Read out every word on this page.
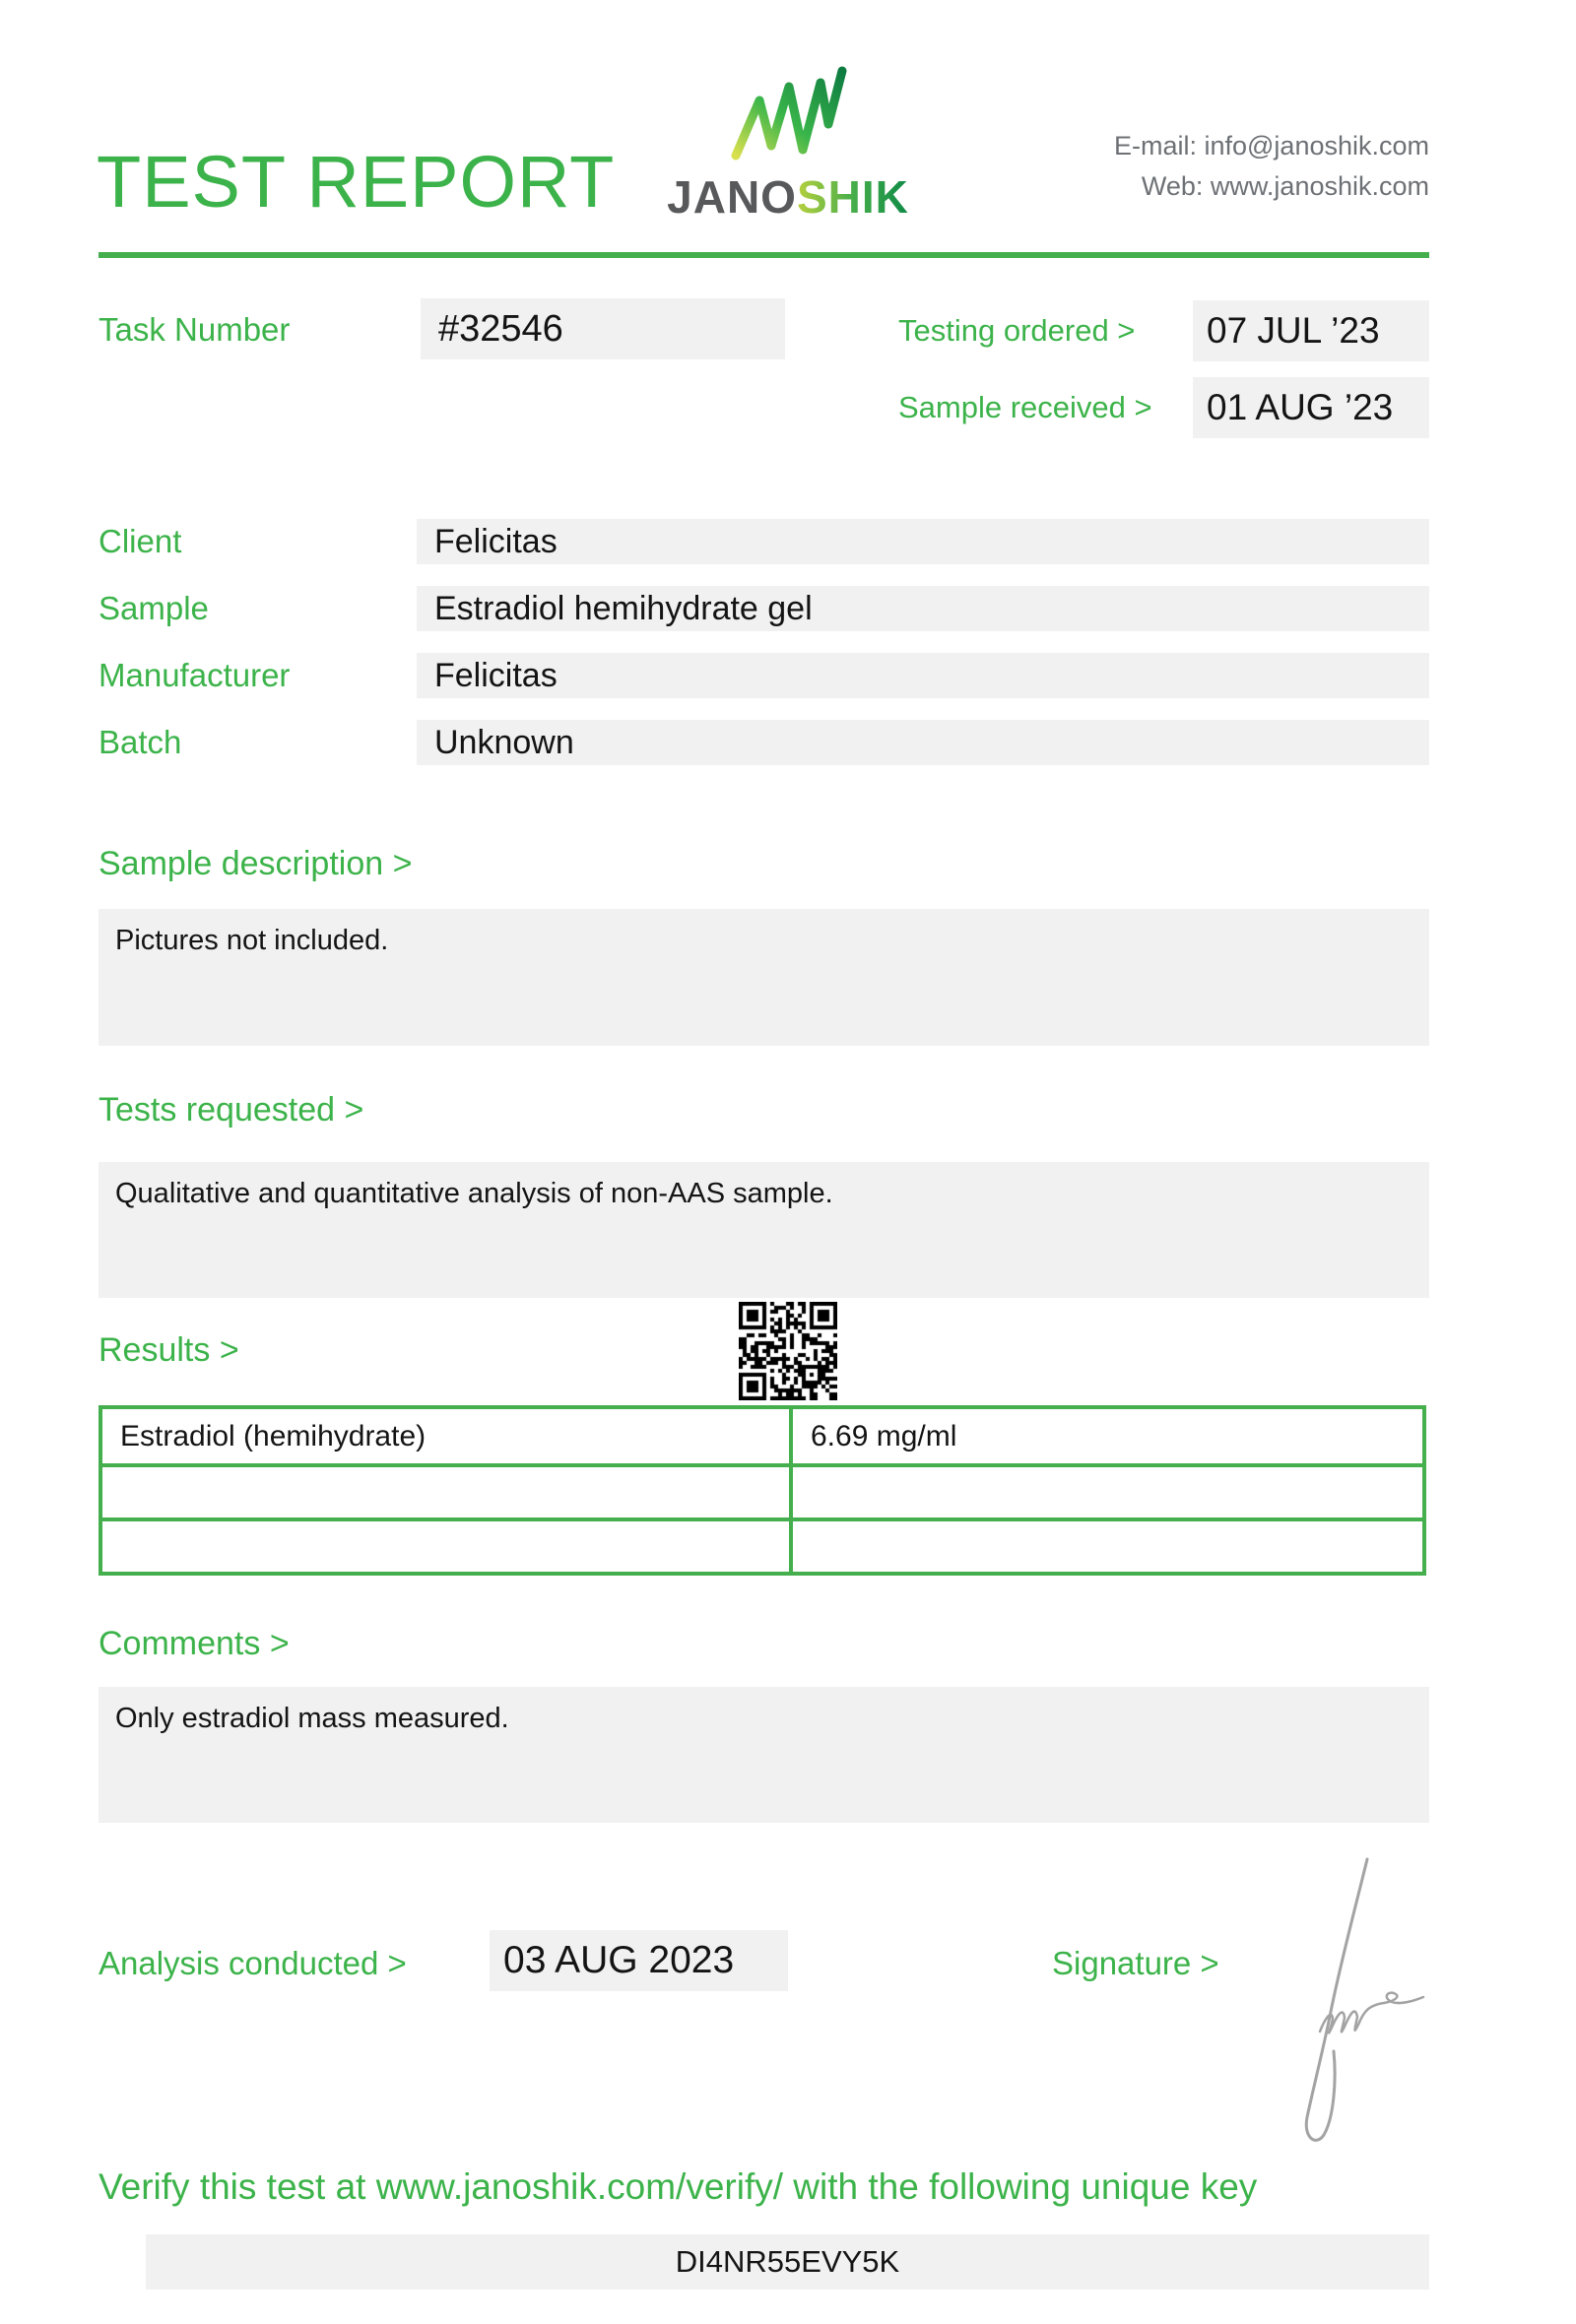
TEST REPORT	JANOSHIK
E-mail: info@janoshik.com
Web: www.janoshik.com
Task Number	#32546	Testing ordered >	07 JUL ’23
Sample received >	01 AUG ’23
Client	Felicitas
Sample	Estradiol hemihydrate gel
Manufacturer	Felicitas
Batch	Unknown
Sample description >
Pictures not included.
Tests requested >
Qualitative and quantitative analysis of non-AAS sample.
Results >
Estradiol (hemihydrate)	6.69 mg/ml
Comments >
Only estradiol mass measured.
Analysis conducted >	03 AUG 2023	Signature >
Verify this test at www.janoshik.com/verify/ with the following unique key
DI4NR55EVY5K
